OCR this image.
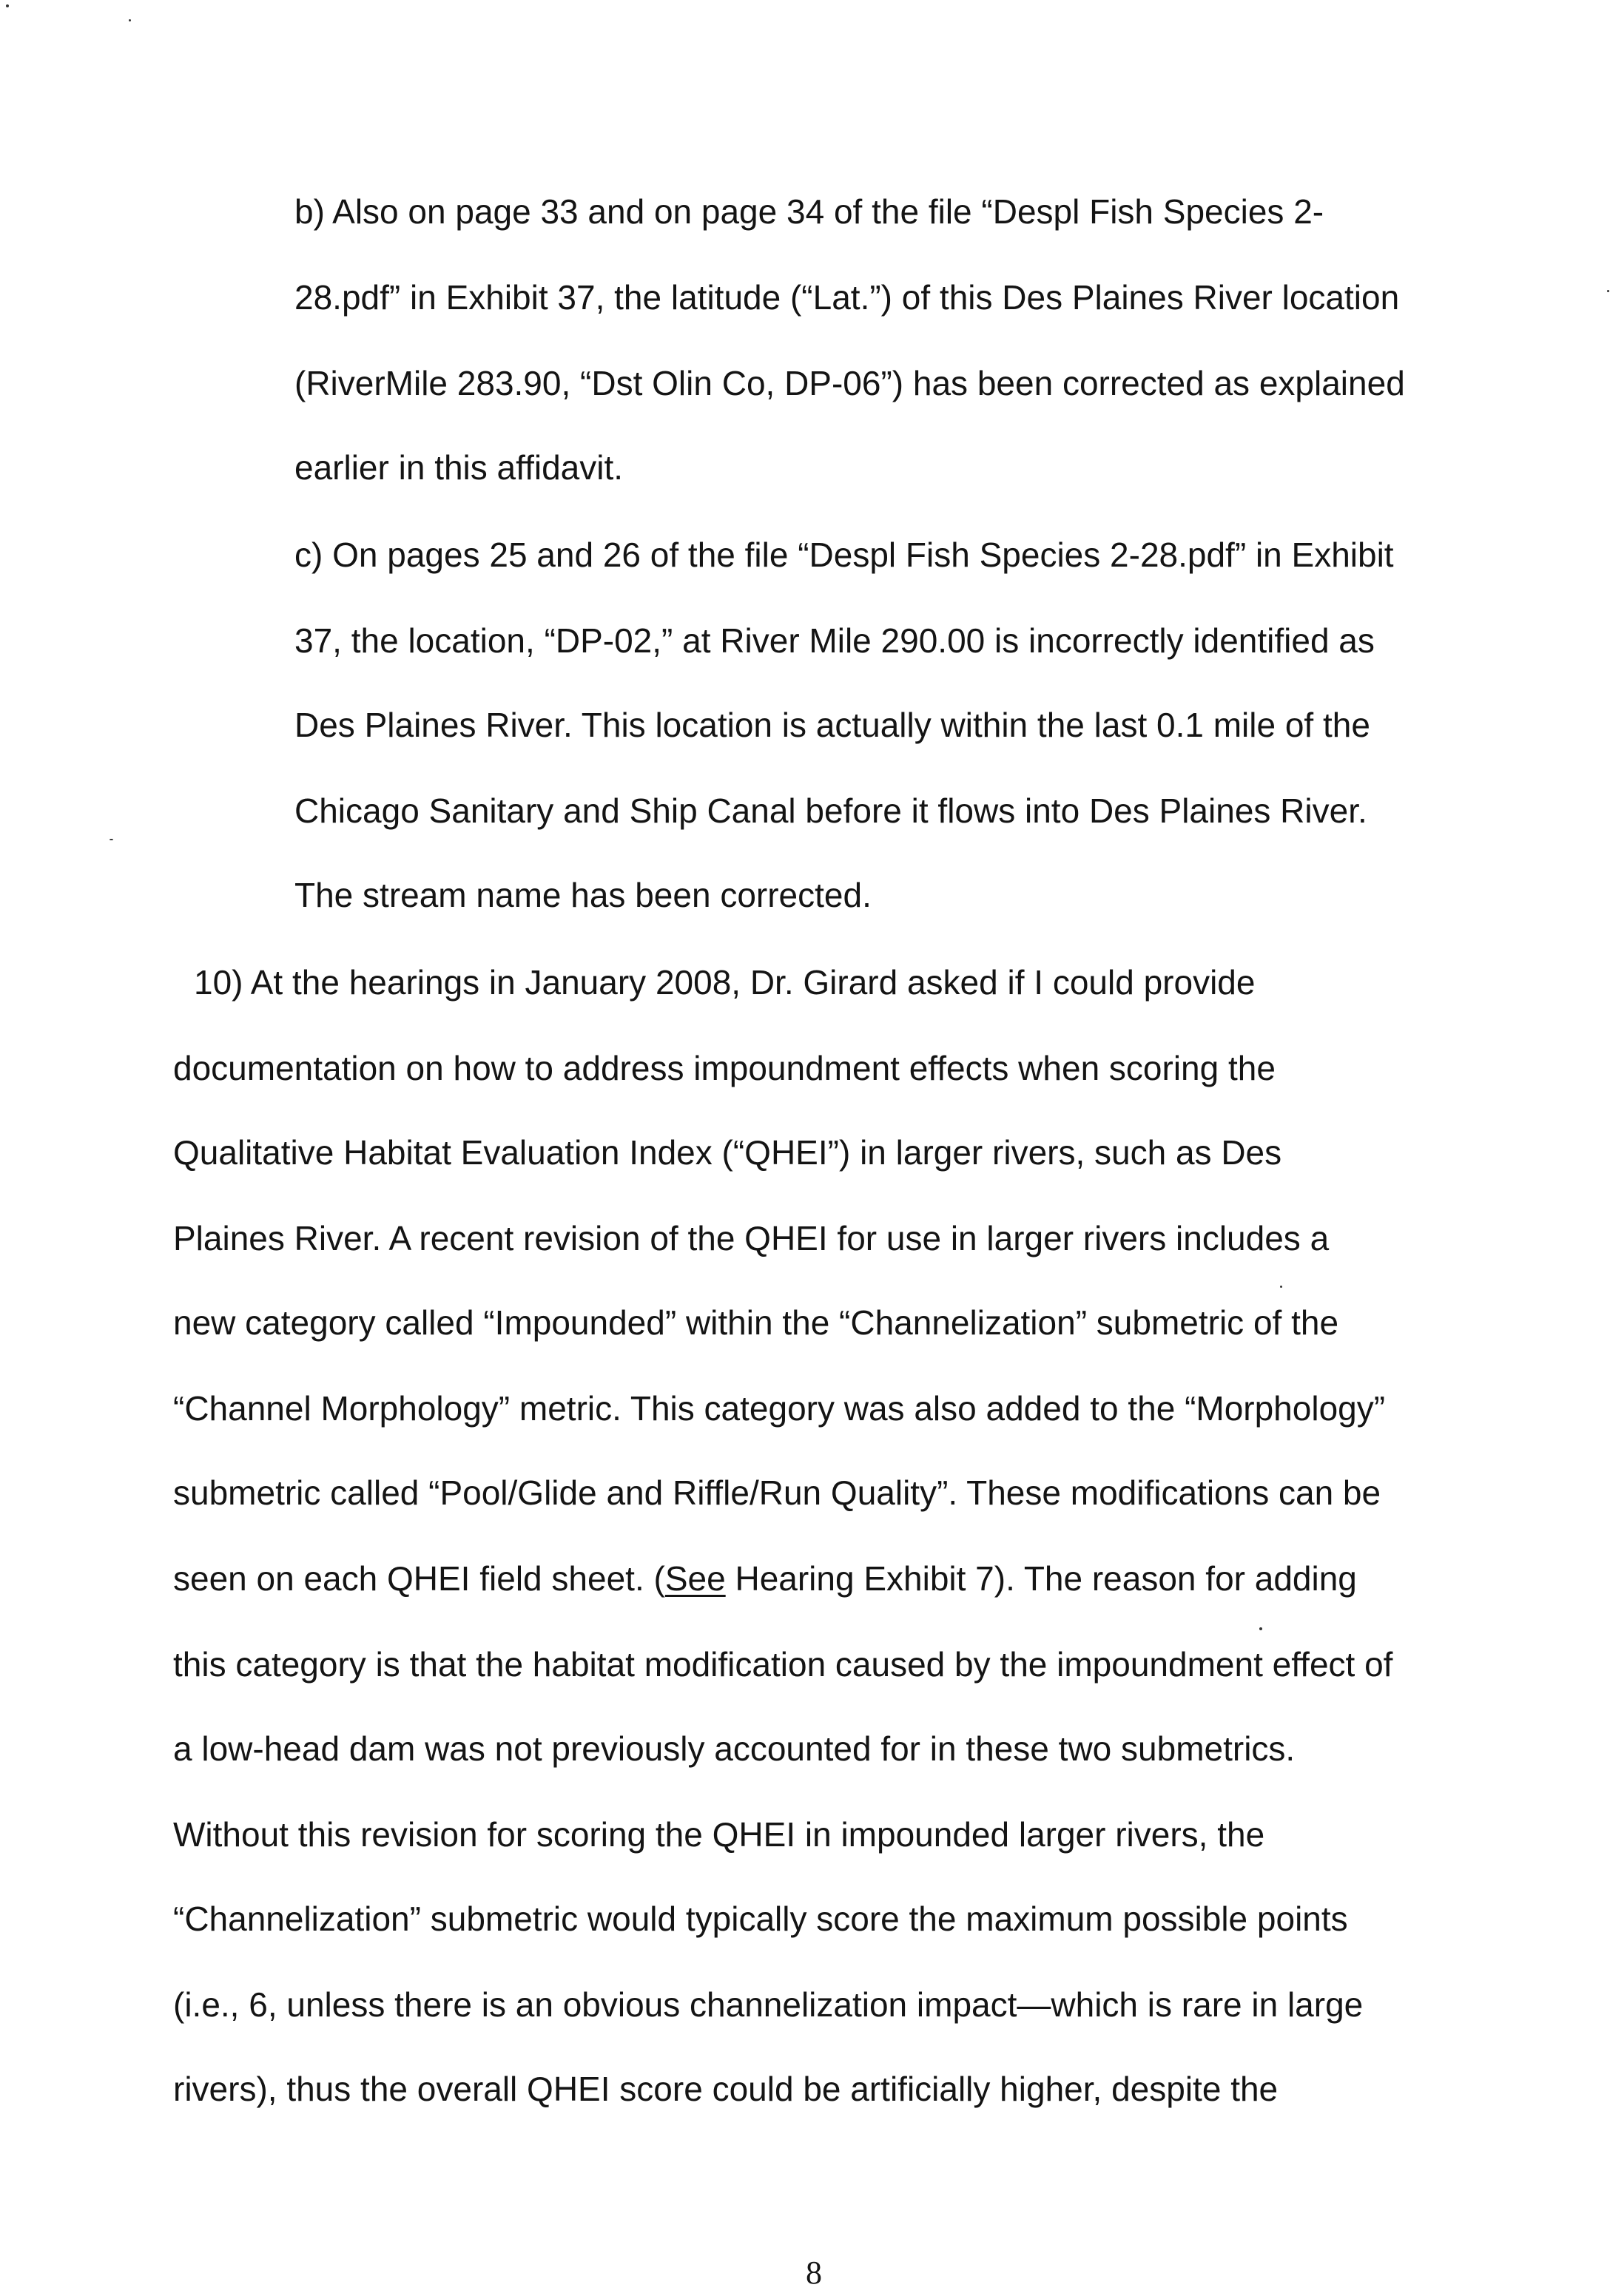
b) Also on page 33 and on page 34 of the file “Despl Fish Species 2-
28.pdf” in Exhibit 37, the latitude (“Lat.”) of this Des Plaines River location
(RiverMile 283.90, “Dst Olin Co, DP-06”) has been corrected as explained
earlier in this affidavit.
c) On pages 25 and 26 of the file “Despl Fish Species 2-28.pdf” in Exhibit
37, the location, “DP-02,” at River Mile 290.00 is incorrectly identified as
Des Plaines River. This location is actually within the last 0.1 mile of the
Chicago Sanitary and Ship Canal before it flows into Des Plaines River.
The stream name has been corrected.
10) At the hearings in January 2008, Dr. Girard asked if I could provide
documentation on how to address impoundment effects when scoring the
Qualitative Habitat Evaluation Index (“QHEI”) in larger rivers, such as Des
Plaines River. A recent revision of the QHEI for use in larger rivers includes a
new category called “Impounded” within the “Channelization” submetric of the
“Channel Morphology” metric. This category was also added to the “Morphology”
submetric called “Pool/Glide and Riffle/Run Quality”. These modifications can be
seen on each QHEI field sheet. (See Hearing Exhibit 7). The reason for adding
this category is that the habitat modification caused by the impoundment effect of
a low-head dam was not previously accounted for in these two submetrics.
Without this revision for scoring the QHEI in impounded larger rivers, the
“Channelization” submetric would typically score the maximum possible points
(i.e., 6, unless there is an obvious channelization impact—which is rare in large
rivers), thus the overall QHEI score could be artificially higher, despite the
8
